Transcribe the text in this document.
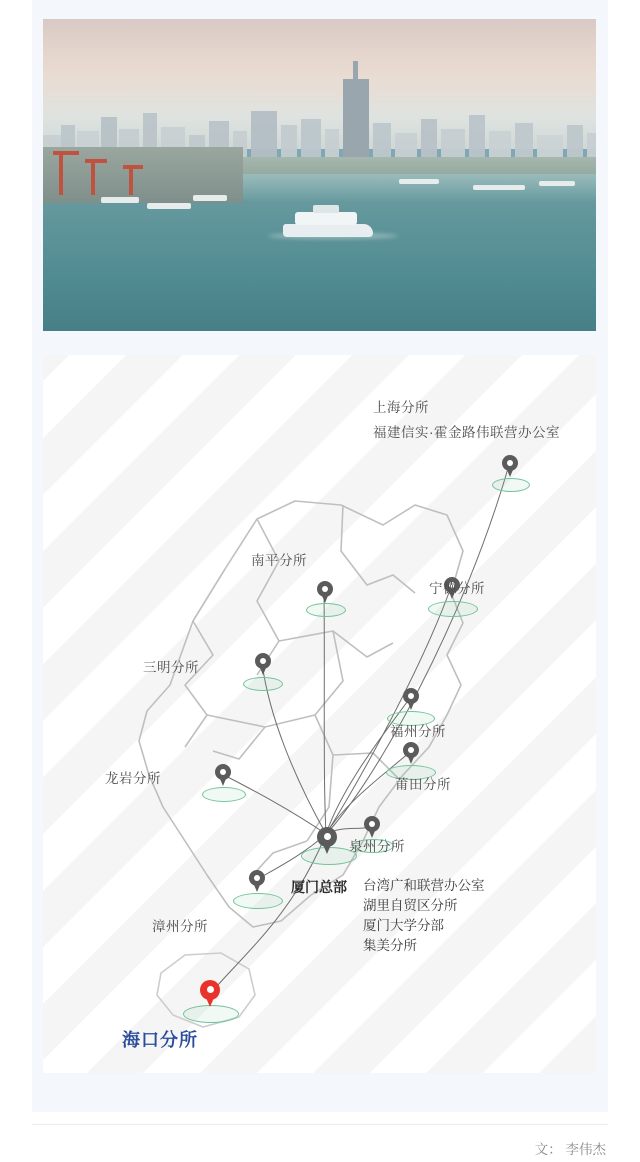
上海分所
福建信实·霍金路伟联营办公室
南平分所
宁德分所
三明分所
福州分所
莆田分所
龙岩分所
泉州分所
厦门总部
漳州分所
海口分所
台湾广和联营办公室
湖里自贸区分所
厦门大学分部
集美分所
文： 李伟杰
